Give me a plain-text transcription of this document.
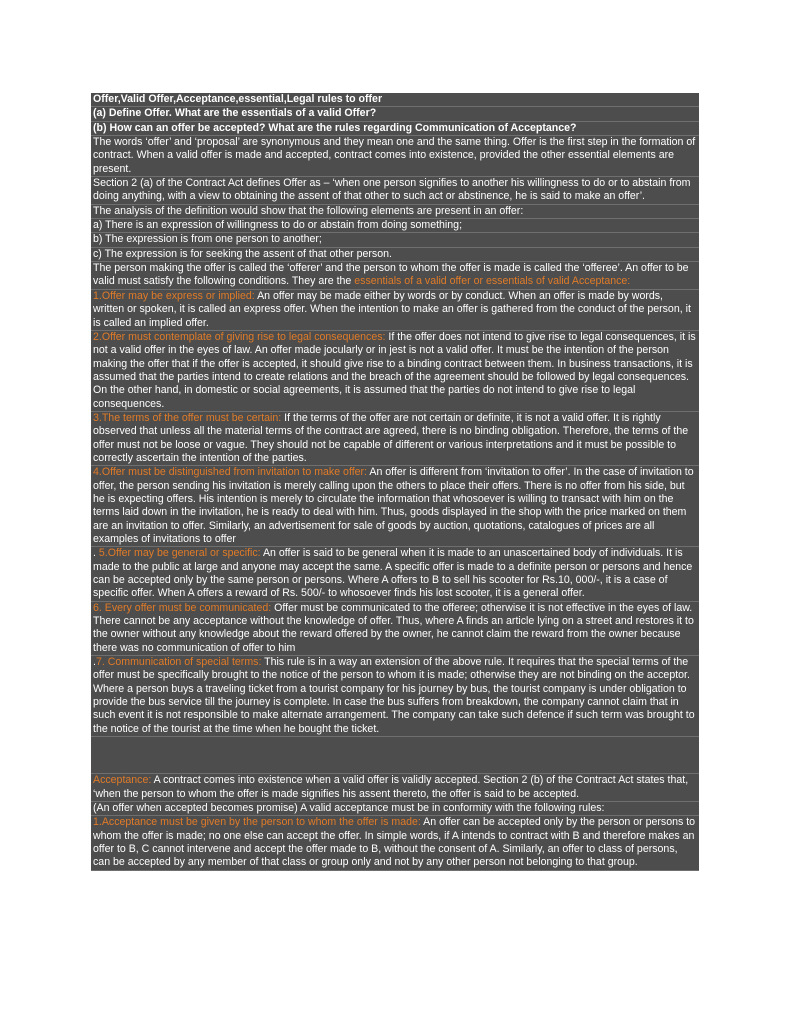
Offer,Valid Offer,Acceptance,essential,Legal rules to offer
(a) Define Offer. What are the essentials of a valid Offer?
(b) How can an offer be accepted? What are the rules regarding Communication of Acceptance?
The words ‘offer’ and ‘proposal’ are synonymous and they mean one and the same thing. Offer is the first step in the formation of contract. When a valid offer is made and accepted, contract comes into existence, provided the other essential elements are present.
Section 2 (a) of the Contract Act defines Offer as – ‘when one person signifies to another his willingness to do or to abstain from doing anything, with a view to obtaining the assent of that other to such act or abstinence, he is said to make an offer’.
The analysis of the definition would show that the following elements are present in an offer:
a) There is an expression of willingness to do or abstain from doing something;
b) The expression is from one person to another;
c) The expression is for seeking the assent of that other person.
The person making the offer is called the ‘offerer’ and the person to whom the offer is made is called the ‘offeree’. An offer to be valid must satisfy the following conditions. They are the essentials of a valid offer or essentials of valid Acceptance:
1.Offer may be express or implied: An offer may be made either by words or by conduct. When an offer is made by words, written or spoken, it is called an express offer. When the intention to make an offer is gathered from the conduct of the person, it is called an implied offer.
2.Offer must contemplate of giving rise to legal consequences: If the offer does not intend to give rise to legal consequences, it is not a valid offer in the eyes of law. An offer made jocularly or in jest is not a valid offer. It must be the intention of the person making the offer that if the offer is accepted, it should give rise to a binding contract between them. In business transactions, it is assumed that the parties intend to create relations and the breach of the agreement should be followed by legal consequences. On the other hand, in domestic or social agreements, it is assumed that the parties do not intend to give rise to legal consequences.
3.The terms of the offer must be certain: If the terms of the offer are not certain or definite, it is not a valid offer. It is rightly observed that unless all the material terms of the contract are agreed, there is no binding obligation. Therefore, the terms of the offer must not be loose or vague. They should not be capable of different or various interpretations and it must be possible to correctly ascertain the intention of the parties.
4.Offer must be distinguished from invitation to make offer: An offer is different from ‘invitation to offer’. In the case of invitation to offer, the person sending his invitation is merely calling upon the others to place their offers. There is no offer from his side, but he is expecting offers. His intention is merely to circulate the information that whosoever is willing to transact with him on the terms laid down in the invitation, he is ready to deal with him. Thus, goods displayed in the shop with the price marked on them are an invitation to offer. Similarly, an advertisement for sale of goods by auction, quotations, catalogues of prices are all examples of invitations to offer
. 5.Offer may be general or specific: An offer is said to be general when it is made to an unascertained body of individuals. It is made to the public at large and anyone may accept the same. A specific offer is made to a definite person or persons and hence can be accepted only by the same person or persons. Where A offers to B to sell his scooter for Rs.10, 000/-, it is a case of specific offer. When A offers a reward of Rs. 500/- to whosoever finds his lost scooter, it is a general offer.
6. Every offer must be communicated: Offer must be communicated to the offeree; otherwise it is not effective in the eyes of law. There cannot be any acceptance without the knowledge of offer. Thus, where A finds an article lying on a street and restores it to the owner without any knowledge about the reward offered by the owner, he cannot claim the reward from the owner because there was no communication of offer to him
.7. Communication of special terms: This rule is in a way an extension of the above rule. It requires that the special terms of the offer must be specifically brought to the notice of the person to whom it is made; otherwise they are not binding on the acceptor. Where a person buys a traveling ticket from a tourist company for his journey by bus, the tourist company is under obligation to provide the bus service till the journey is complete. In case the bus suffers from breakdown, the company cannot claim that in such event it is not responsible to make alternate arrangement. The company can take such defence if such term was brought to the notice of the tourist at the time when he bought the ticket.
Acceptance: A contract comes into existence when a valid offer is validly accepted. Section 2 (b) of the Contract Act states that, ‘when the person to whom the offer is made signifies his assent thereto, the offer is said to be accepted.
(An offer when accepted becomes promise) A valid acceptance must be in conformity with the following rules:
1.Acceptance must be given by the person to whom the offer is made: An offer can be accepted only by the person or persons to whom the offer is made; no one else can accept the offer. In simple words, if A intends to contract with B and therefore makes an offer to B, C cannot intervene and accept the offer made to B, without the consent of A. Similarly, an offer to class of persons, can be accepted by any member of that class or group only and not by any other person not belonging to that group.
